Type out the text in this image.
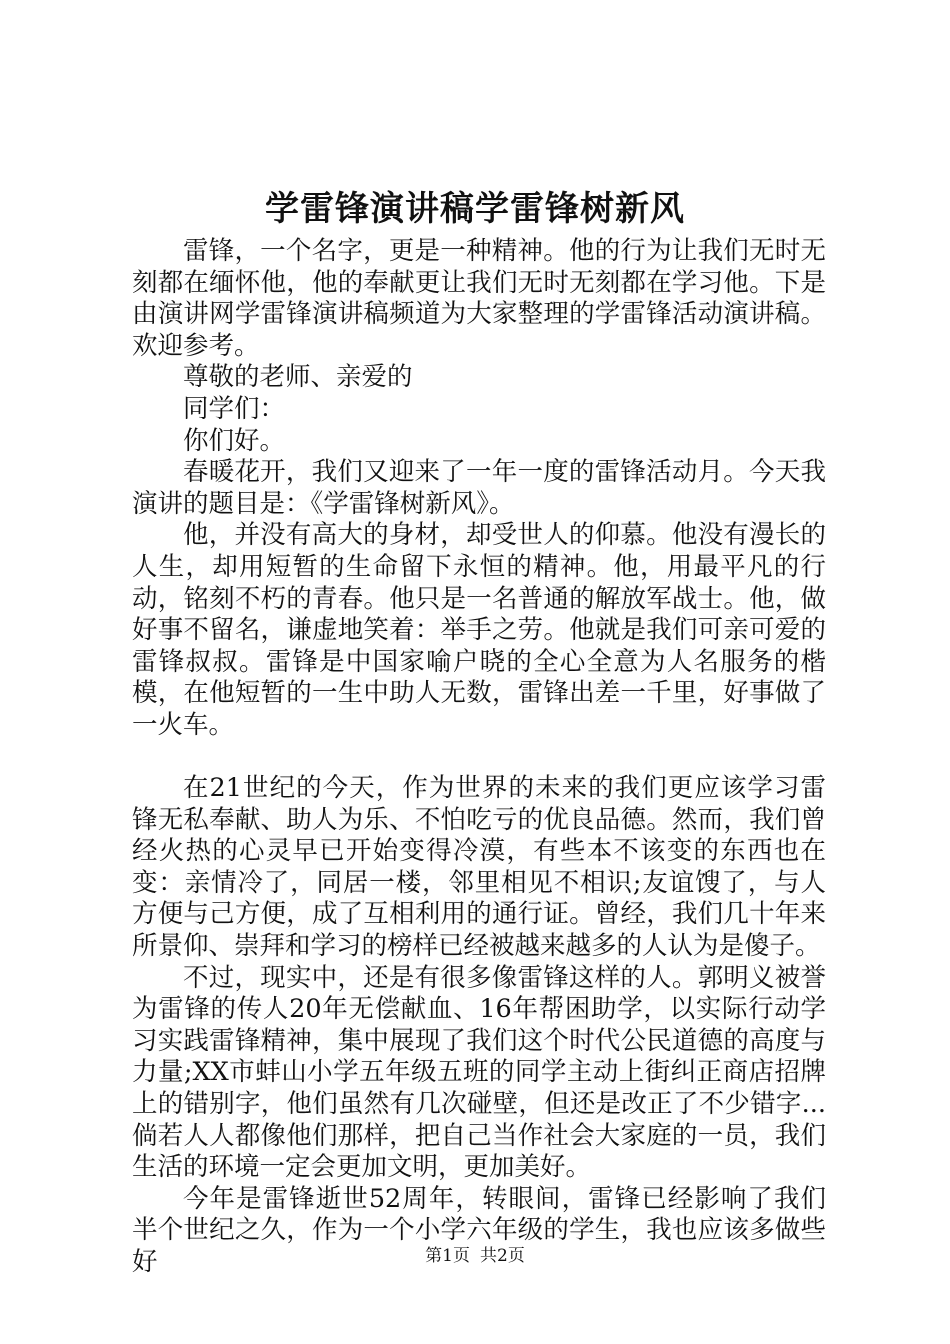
学雷锋演讲稿学雷锋树新风

雷锋，一个名字，更是一种精神。他的行为让我们无时无刻都在缅怀他，他的奉献更让我们无时无刻都在学习他。下是由演讲网学雷锋演讲稿频道为大家整理的学雷锋活动演讲稿。欢迎参考。

尊敬的老师、亲爱的

同学们：

你们好。

春暖花开，我们又迎来了一年一度的雷锋活动月。今天我演讲的题目是：《学雷锋树新风》。

他，并没有高大的身材，却受世人的仰慕。他没有漫长的人生，却用短暂的生命留下永恒的精神。他，用最平凡的行动，铭刻不朽的青春。他只是一名普通的解放军战士。他，做好事不留名，谦虚地笑着：举手之劳。他就是我们可亲可爱的雷锋叔叔。雷锋是中国家喻户晓的全心全意为人名服务的楷模，在他短暂的一生中助人无数，雷锋出差一千里，好事做了一火车。

在21世纪的今天，作为世界的未来的我们更应该学习雷锋无私奉献、助人为乐、不怕吃亏的优良品德。然而，我们曾经火热的心灵早已开始变得冷漠，有些本不该变的东西也在变：亲情冷了，同居一楼，邻里相见不相识;友谊馊了，与人方便与己方便，成了互相利用的通行证。曾经，我们几十年来所景仰、崇拜和学习的榜样已经被越来越多的人认为是傻子。

不过，现实中，还是有很多像雷锋这样的人。郭明义被誉为雷锋的传人20年无偿献血、16年帮困助学，以实际行动学习实践雷锋精神，集中展现了我们这个时代公民道德的高度与力量;XX市蚌山小学五年级五班的同学主动上街纠正商店招牌上的错别字，他们虽然有几次碰壁，但还是改正了不少错字...倘若人人都像他们那样，把自己当作社会大家庭的一员，我们生活的环境一定会更加文明，更加美好。

今年是雷锋逝世52周年，转眼间，雷锋已经影响了我们半个世纪之久，作为一个小学六年级的学生，我也应该多做些好	第1页 共2页
